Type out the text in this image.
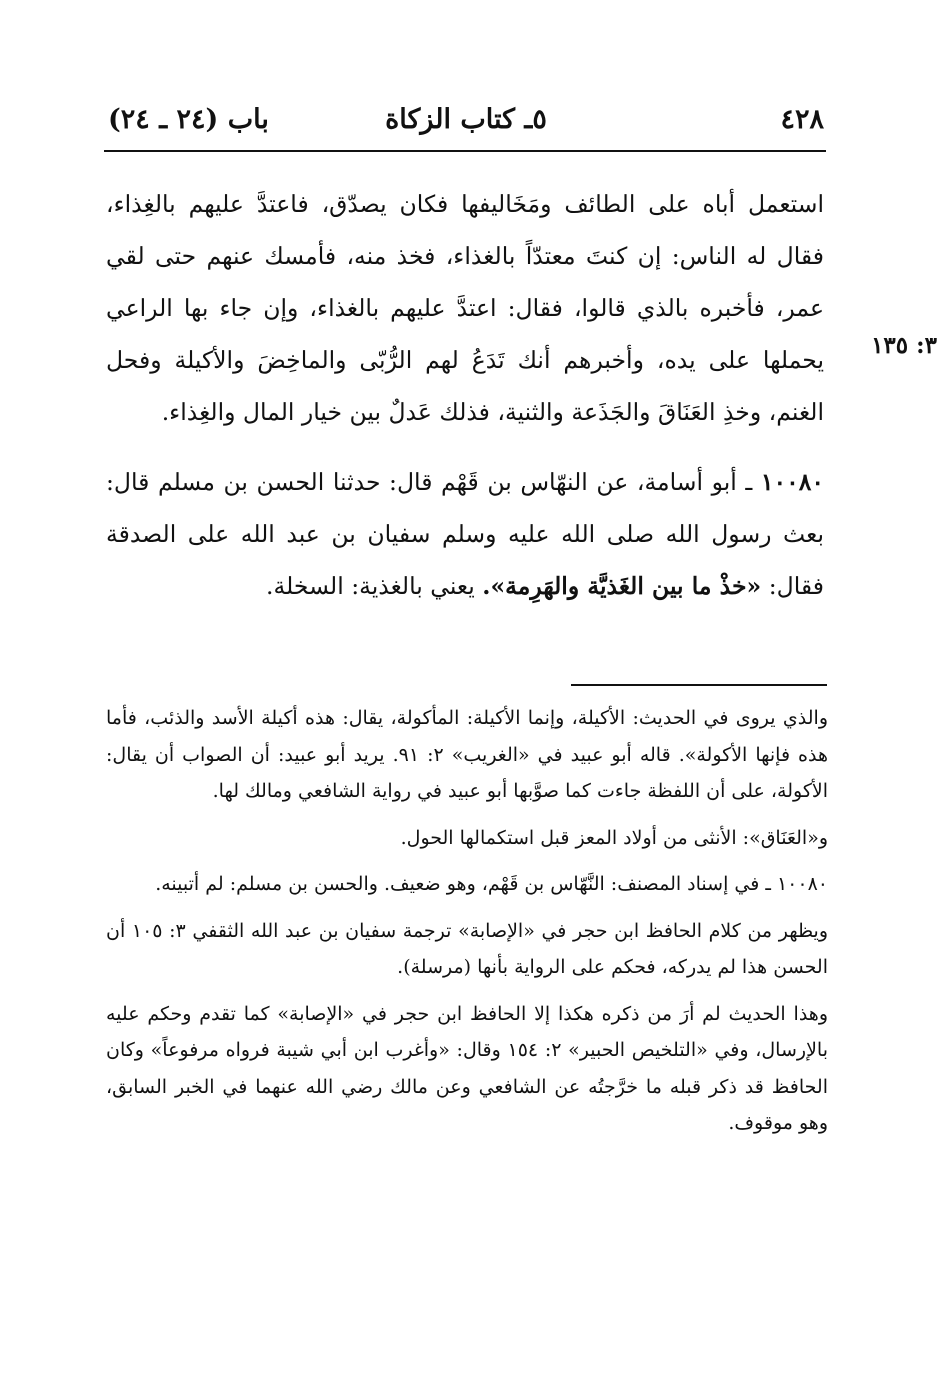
٤٢٨
٥ـ كتاب الزكاة
باب (٢٤ ـ ٢٤)
٣: ١٣٥

استعمل أباه على الطائف ومَخَاليفها فكان يصدّق، فاعتدَّ عليهم بالغِذاء، فقال له الناس: إن كنتَ معتدّاً بالغذاء، فخذ منه، فأمسك عنهم حتى لقي عمر، فأخبره بالذي قالوا، فقال: اعتدَّ عليهم بالغذاء، وإن جاء بها الراعي يحملها على يده، وأخبرهم أنك تَدَعُ لهم الرُّبّى والماخِضَ والأكيلة وفحل الغنم، وخذِ العَنَاقَ والجَذَعة والثنية، فذلك عَدلٌ بين خيار المال والغِذاء.

١٠٠٨٠ ـ أبو أسامة، عن النهّاس بن قَهْم قال: حدثنا الحسن بن مسلم قال: بعث رسول الله صلى الله عليه وسلم سفيان بن عبد الله على الصدقة فقال: «خذْ ما بين الغَذيَّة والهَرِمة». يعني بالغذية: السخلة.

والذي يروى في الحديث: الأكيلة، وإنما الأكيلة: المأكولة، يقال: هذه أكيلة الأسد والذئب، فأما هذه فإنها الأكولة». قاله أبو عبيد في «الغريب» ٢: ٩١. يريد أبو عبيد: أن الصواب أن يقال: الأكولة، على أن اللفظة جاءت كما صوَّبها أبو عبيد في رواية الشافعي ومالك لها.

و«العَنَاق»: الأنثى من أولاد المعز قبل استكمالها الحول.

١٠٠٨٠ ـ في إسناد المصنف: النَّهّاس بن قَهْم، وهو ضعيف. والحسن بن مسلم: لم أتبينه.

ويظهر من كلام الحافظ ابن حجر في «الإصابة» ترجمة سفيان بن عبد الله الثقفي ٣: ١٠٥ أن الحسن هذا لم يدركه، فحكم على الرواية بأنها (مرسلة).

وهذا الحديث لم أرَ من ذكره هكذا إلا الحافظ ابن حجر في «الإصابة» كما تقدم وحكم عليه بالإرسال، وفي «التلخيص الحبير» ٢: ١٥٤ وقال: «وأغرب ابن أبي شيبة فرواه مرفوعاً» وكان الحافظ قد ذكر قبله ما خرَّجتُه عن الشافعي وعن مالك رضي الله عنهما في الخبر السابق، وهو موقوف.
